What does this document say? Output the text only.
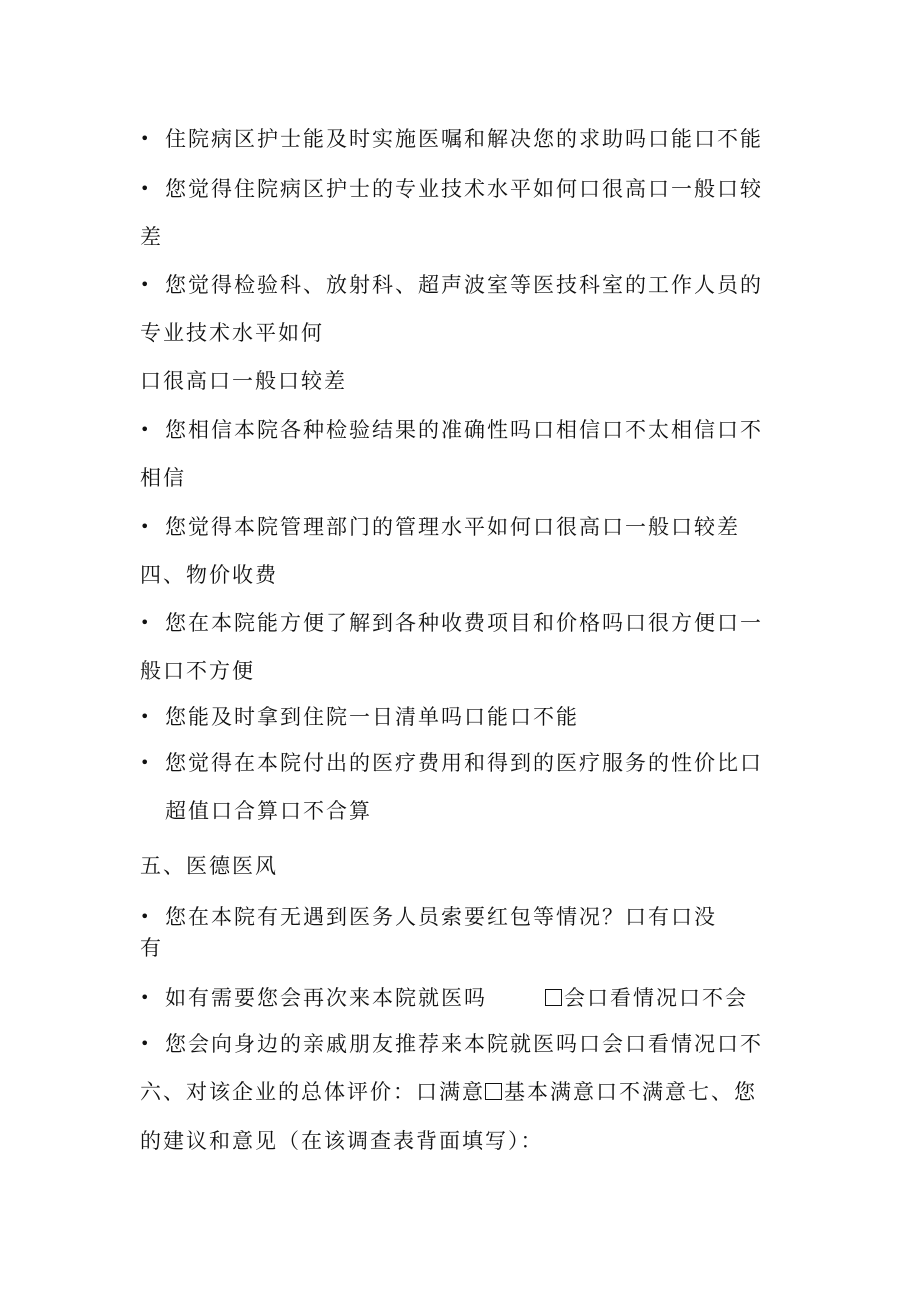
• 住院病区护士能及时实施医嘱和解决您的求助吗口能口不能
• 您觉得住院病区护士的专业技术水平如何口很高口一般口较
差
• 您觉得检验科、放射科、超声波室等医技科室的工作人员的
专业技术水平如何
口很高口一般口较差
• 您相信本院各种检验结果的准确性吗口相信口不太相信口不
相信
• 您觉得本院管理部门的管理水平如何口很高口一般口较差
四、物价收费
• 您在本院能方便了解到各种收费项目和价格吗口很方便口一
般口不方便
• 您能及时拿到住院一日清单吗口能口不能
• 您觉得在本院付出的医疗费用和得到的医疗服务的性价比口
超值口合算口不合算
五、医德医风
• 您在本院有无遇到医务人员索要红包等情况？口有口没
有
• 如有需要您会再次来本院就医吗	会口看情况口不会
• 您会向身边的亲戚朋友推荐来本院就医吗口会口看情况口不
六、对该企业的总体评价：口满意 基本满意口不满意七、您
的建议和意见（在该调查表背面填写）：
